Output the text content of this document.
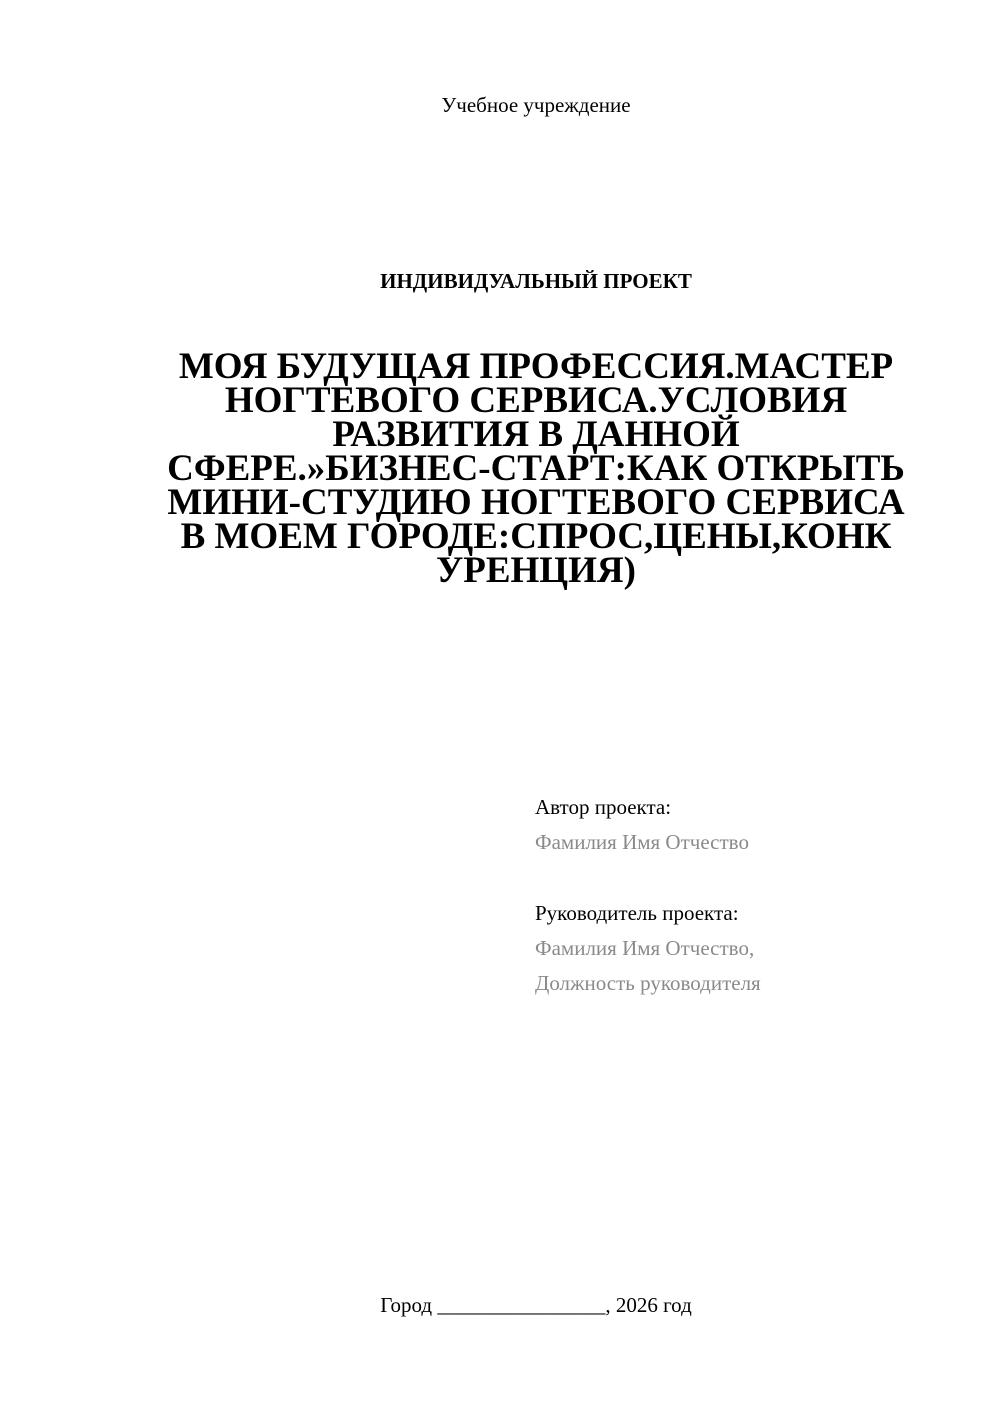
Учебное учреждение
ИНДИВИДУАЛЬНЫЙ ПРОЕКТ
МОЯ БУДУЩАЯ ПРОФЕССИЯ.МАСТЕР
НОГТЕВОГО СЕРВИСА.УСЛОВИЯ
РАЗВИТИЯ В ДАННОЙ
СФЕРЕ.»БИЗНЕС-СТАРТ:КАК ОТКРЫТЬ
МИНИ-СТУДИЮ НОГТЕВОГО СЕРВИСА
В МОЕМ ГОРОДЕ:СПРОС,ЦЕНЫ,КОНК
УРЕНЦИЯ)
Автор проекта:
Фамилия Имя Отчество
Руководитель проекта:
Фамилия Имя Отчество,
Должность руководителя
Город ________________, 2026 год
